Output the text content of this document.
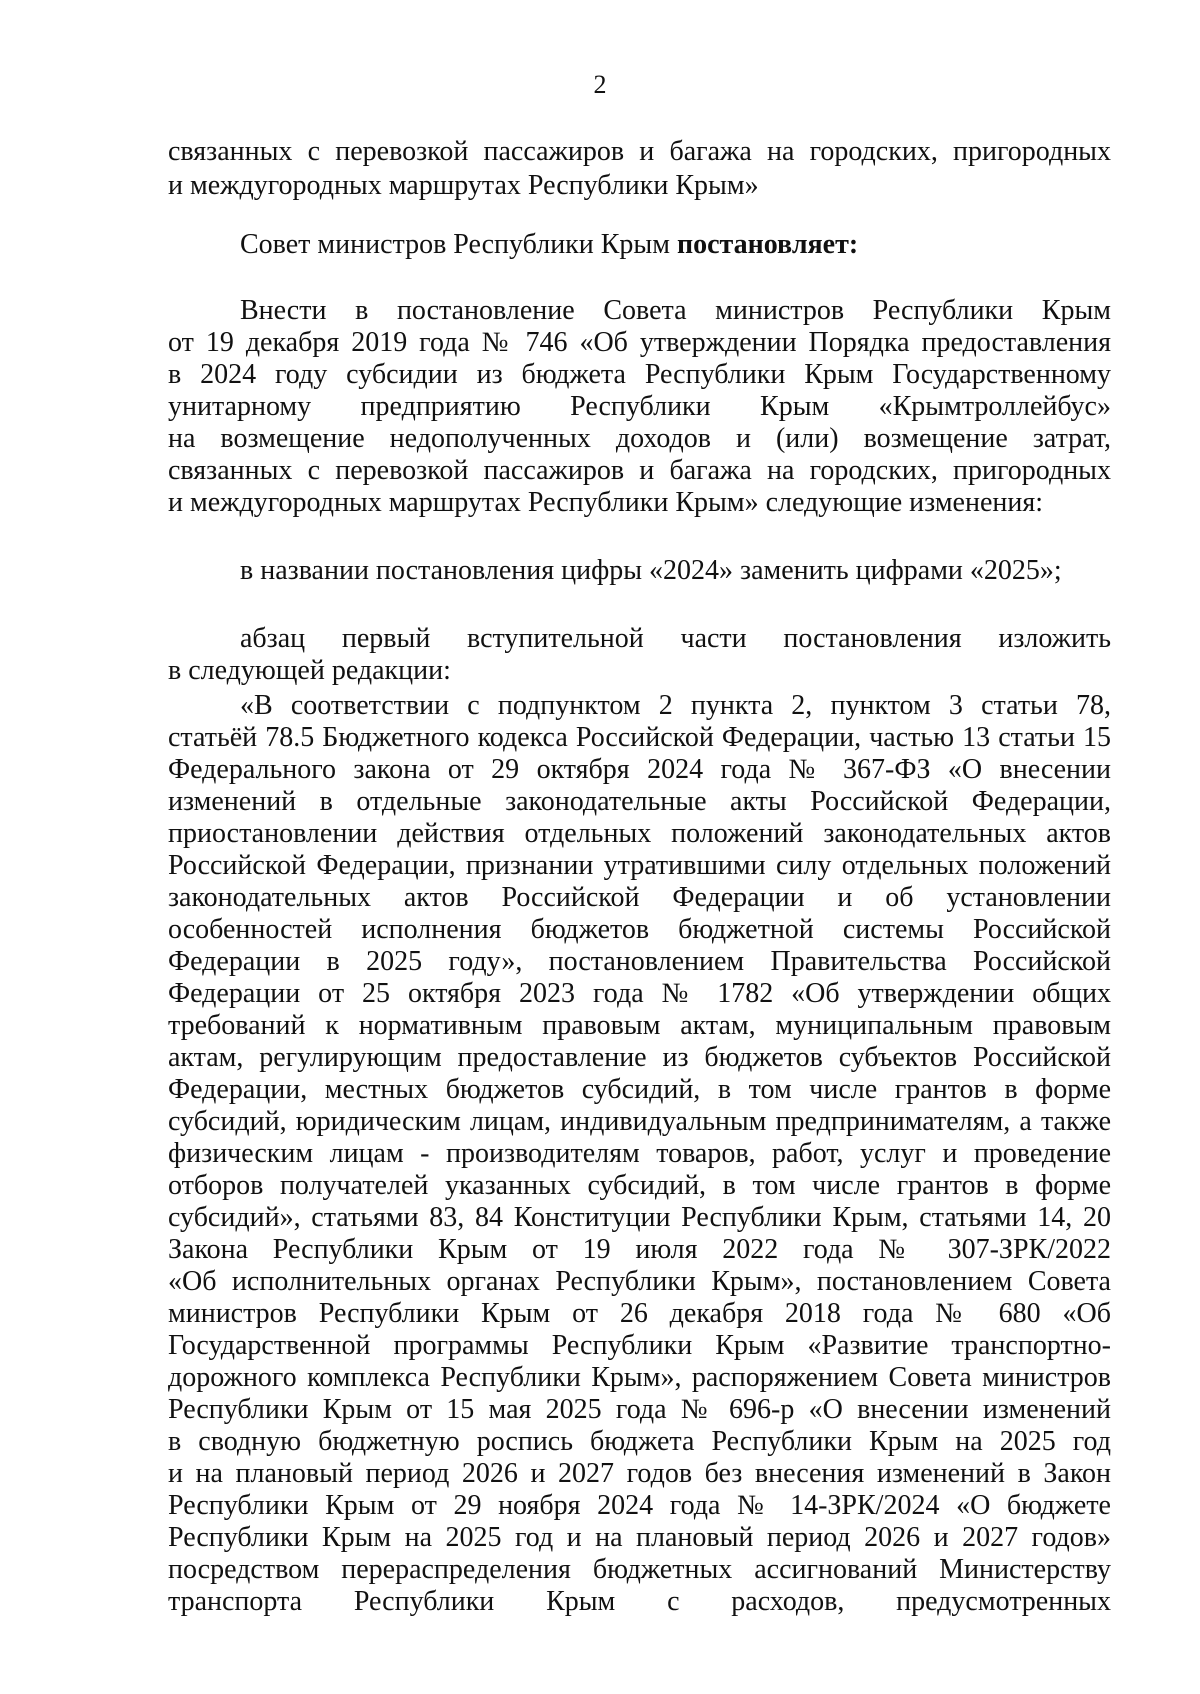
2
связанных с перевозкой пассажиров и багажа на городских, пригородных
и междугородных маршрутах Республики Крым»
Совет министров Республики Крым постановляет:
Внести в постановление Совета министров Республики Крым
от 19 декабря 2019 года № 746 «Об утверждении Порядка предоставления
в 2024 году субсидии из бюджета Республики Крым Государственному
унитарному предприятию Республики Крым «Крымтроллейбус»
на возмещение недополученных доходов и (или) возмещение затрат,
связанных с перевозкой пассажиров и багажа на городских, пригородных
и междугородных маршрутах Республики Крым» следующие изменения:
в названии постановления цифры «2024» заменить цифрами «2025»;
абзац первый вступительной части постановления изложить
в следующей редакции:
«В соответствии с подпунктом 2 пункта 2, пунктом 3 статьи 78,
статьёй 78.5 Бюджетного кодекса Российской Федерации, частью 13 статьи 15
Федерального закона от 29 октября 2024 года № 367-ФЗ «О внесении
изменений в отдельные законодательные акты Российской Федерации,
приостановлении действия отдельных положений законодательных актов
Российской Федерации, признании утратившими силу отдельных положений
законодательных актов Российской Федерации и об установлении
особенностей исполнения бюджетов бюджетной системы Российской
Федерации в 2025 году», постановлением Правительства Российской
Федерации от 25 октября 2023 года № 1782 «Об утверждении общих
требований к нормативным правовым актам, муниципальным правовым
актам, регулирующим предоставление из бюджетов субъектов Российской
Федерации, местных бюджетов субсидий, в том числе грантов в форме
субсидий, юридическим лицам, индивидуальным предпринимателям, а также
физическим лицам - производителям товаров, работ, услуг и проведение
отборов получателей указанных субсидий, в том числе грантов в форме
субсидий», статьями 83, 84 Конституции Республики Крым, статьями 14, 20
Закона Республики Крым от 19 июля 2022 года № 307-ЗРК/2022
«Об исполнительных органах Республики Крым», постановлением Совета
министров Республики Крым от 26 декабря 2018 года № 680 «Об
Государственной программы Республики Крым «Развитие транспортно-
дорожного комплекса Республики Крым», распоряжением Совета министров
Республики Крым от 15 мая 2025 года № 696-р «О внесении изменений
в сводную бюджетную роспись бюджета Республики Крым на 2025 год
и на плановый период 2026 и 2027 годов без внесения изменений в Закон
Республики Крым от 29 ноября 2024 года № 14-ЗРК/2024 «О бюджете
Республики Крым на 2025 год и на плановый период 2026 и 2027 годов»
посредством перераспределения бюджетных ассигнований Министерству
транспорта Республики Крым с расходов, предусмотренных
